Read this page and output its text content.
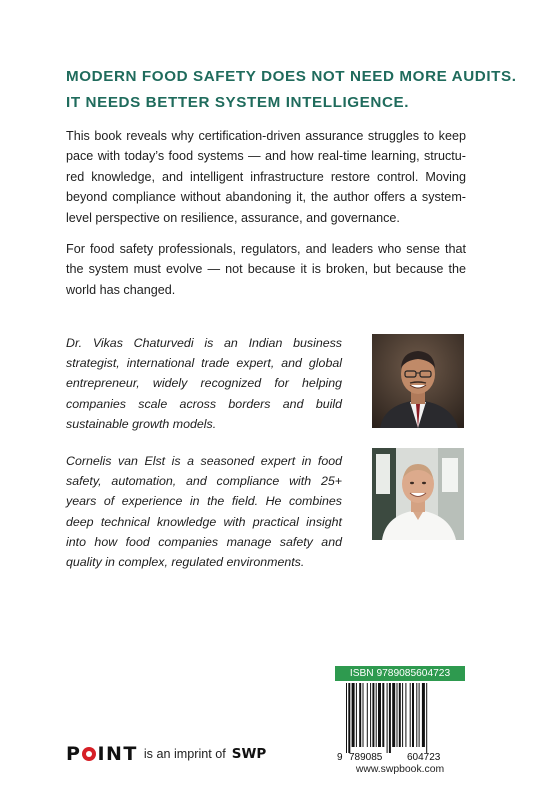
MODERN FOOD SAFETY DOES NOT NEED MORE AUDITS.
IT NEEDS BETTER SYSTEM INTELLIGENCE.

This book reveals why certification-driven assurance struggles to keep pace with today’s food systems — and how real-time learning, structured knowledge, and intelligent infrastructure restore control. Moving beyond compliance without abandoning it, the author offers a system-level perspective on resilience, assurance, and governance.

For food safety professionals, regulators, and leaders who sense that the system must evolve — not because it is broken, but because the world has changed.

Dr. Vikas Chaturvedi is an Indian business strategist, international trade expert, and global entrepreneur, widely recognized for helping companies scale across borders and build sustainable growth models.

Cornelis van Elst is a seasoned expert in food safety, automation, and compliance with 25+ years of experience in the field. He combines deep technical knowledge with practical insight into how food companies manage safety and quality in complex, regulated environments.

P INT is an imprint of SWP
ISBN 9789085604723
9 789085 604723
www.swpbook.com
